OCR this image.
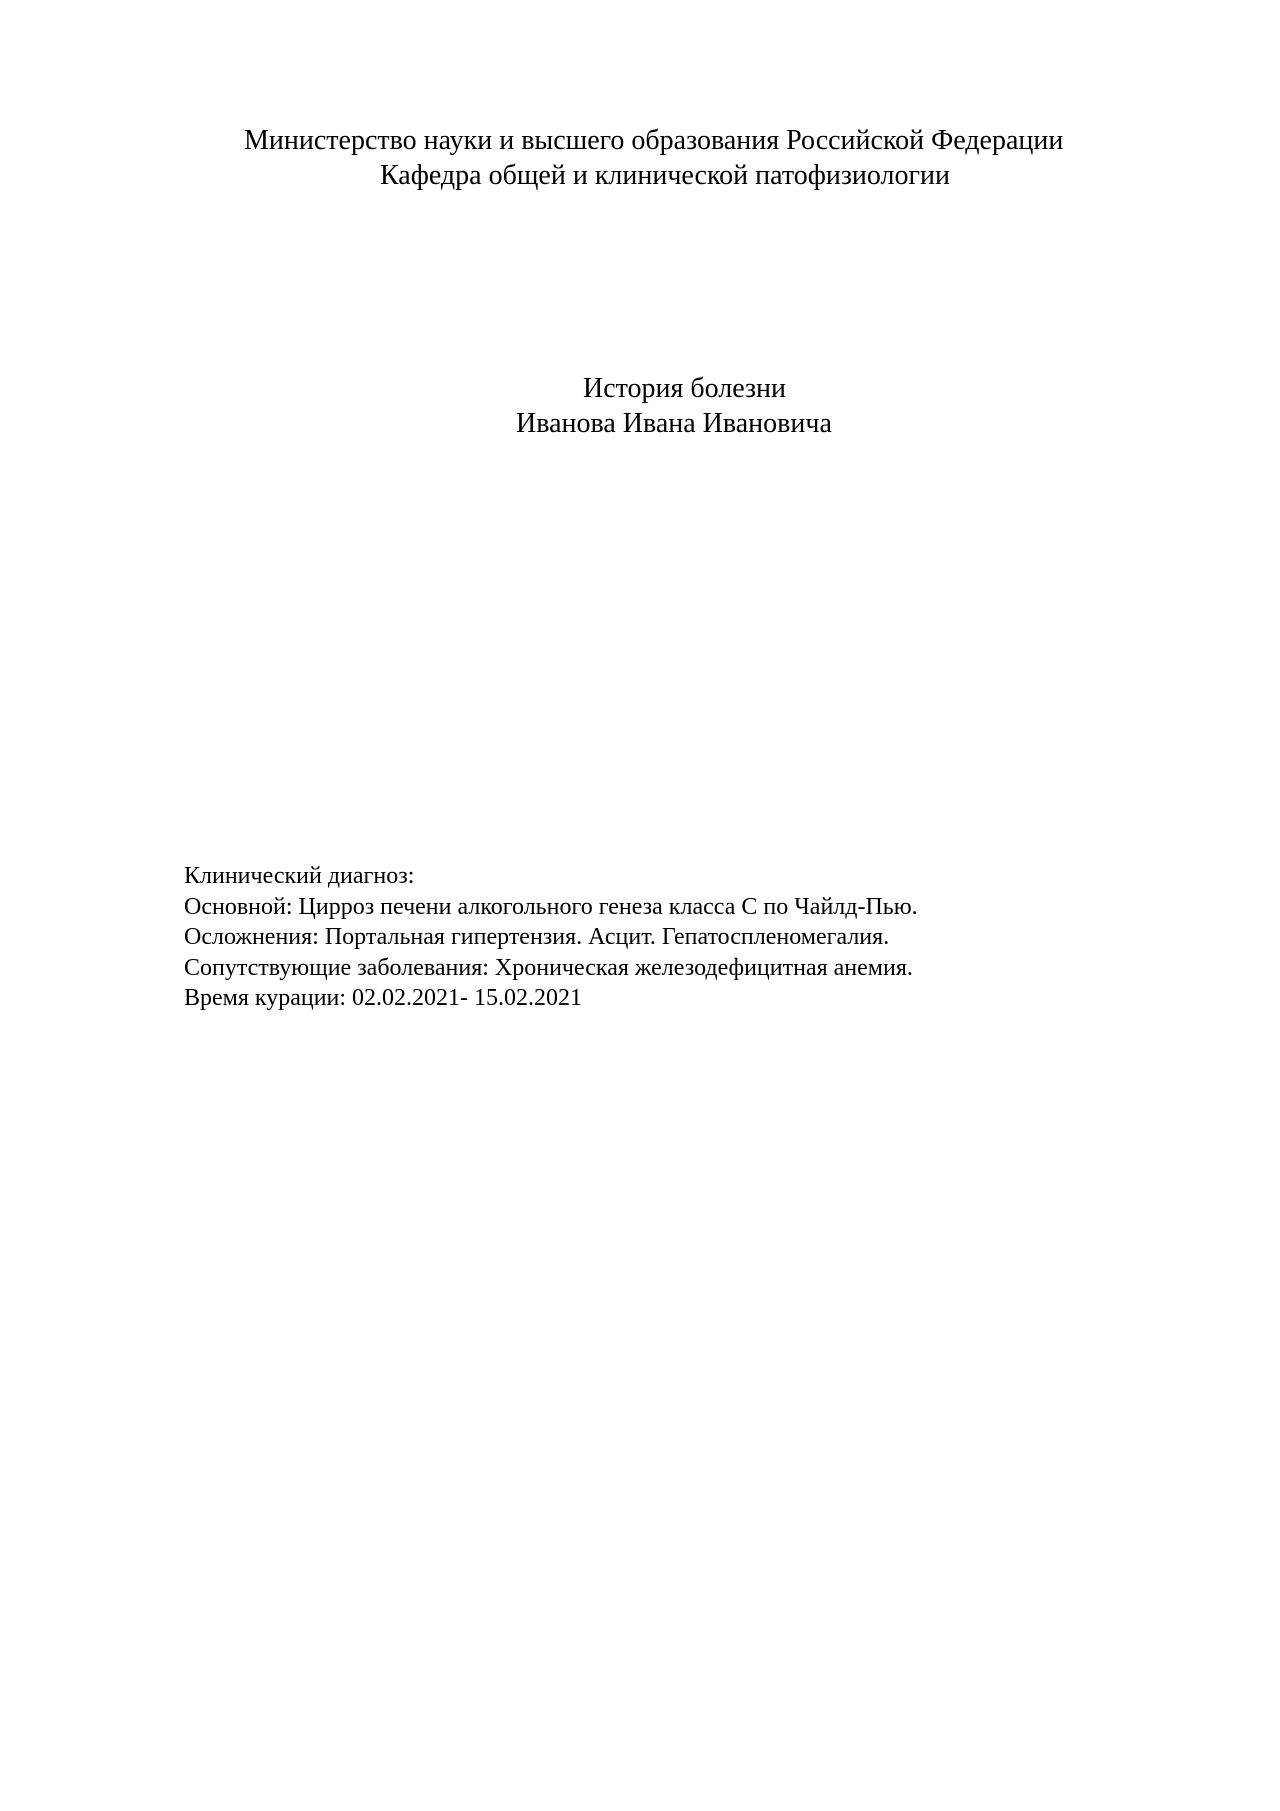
Министерство науки и высшего образования Российской Федерации
Кафедра общей и клинической патофизиологии
История болезни
Иванова Ивана Ивановича
Клинический диагноз:
Основной: Цирроз печени алкогольного генеза класса С по Чайлд-Пью.
Осложнения: Портальная гипертензия. Асцит. Гепатоспленомегалия.
Сопутствующие заболевания: Хроническая железодефицитная анемия.
Время курации: 02.02.2021- 15.02.2021
